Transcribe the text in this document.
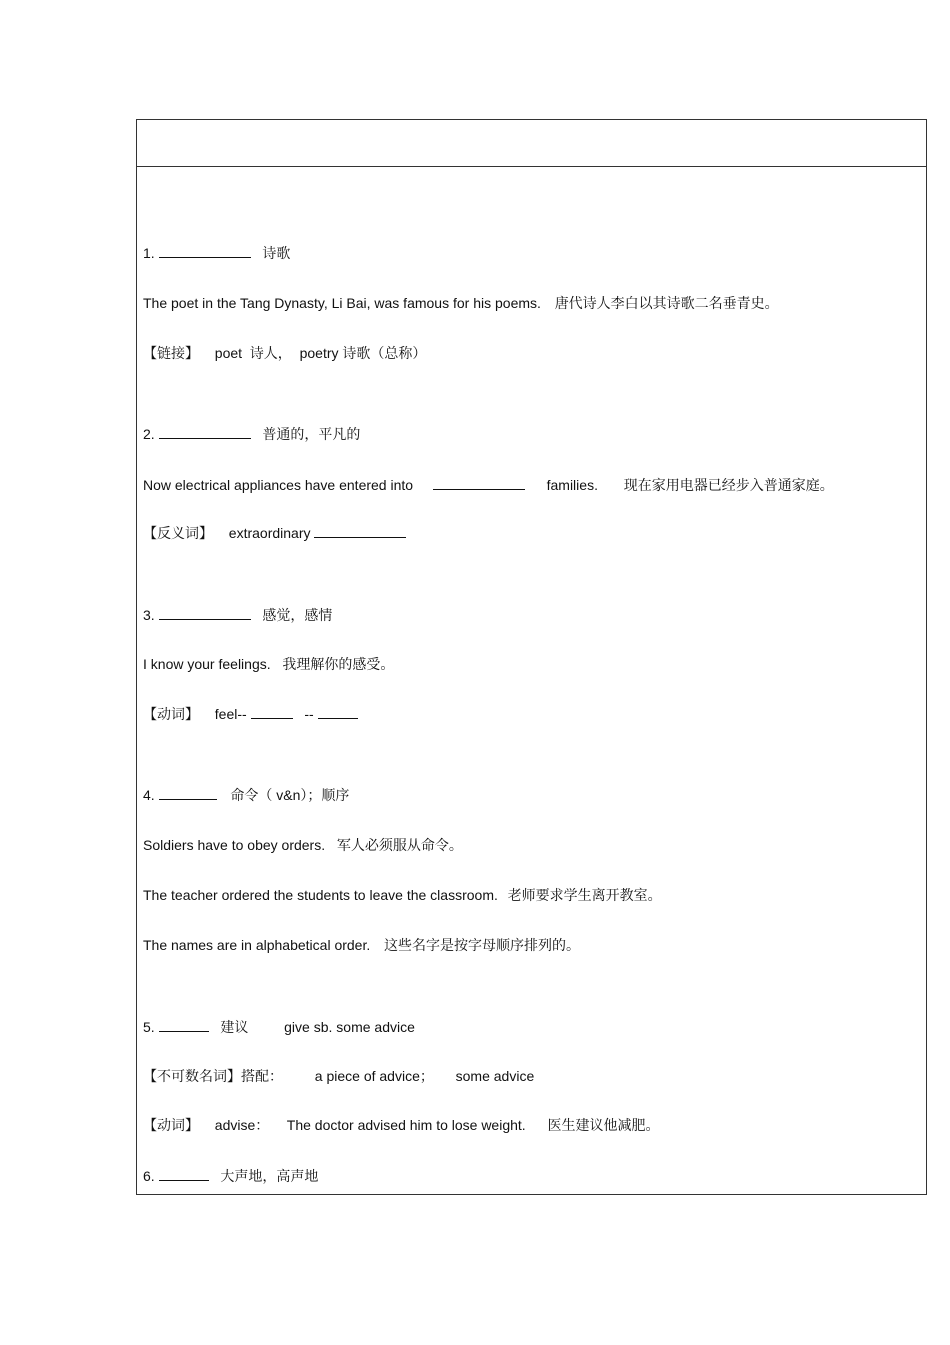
1.	诗歌
The poet in the Tang Dynasty, Li Bai, was famous for his poems. 唐代诗人李白以其诗歌二名垂青史。
【链接】 poet  诗人，  poetry 诗歌（总称）
2.	普通的，平凡的
Now electrical appliances have entered into	families. 现在家用电器已经步入普通家庭。
【反义词】 extraordinary
3.	感觉，感情
I know your feelings. 我理解你的感受。
【动词】 feel--	--
4.	命令（ v&n）；顺序
Soldiers have to obey orders. 军人必须服从命令。
The teacher ordered the students to leave the classroom. 老师要求学生离开教室。
The names are in alphabetical order. 这些名字是按字母顺序排列的。
5.	建议	give sb. some advice
【不可数名词】搭配： a piece of advice； some advice
【动词】 advise： The doctor advised him to lose weight. 医生建议他减肥。
6.	大声地，高声地
